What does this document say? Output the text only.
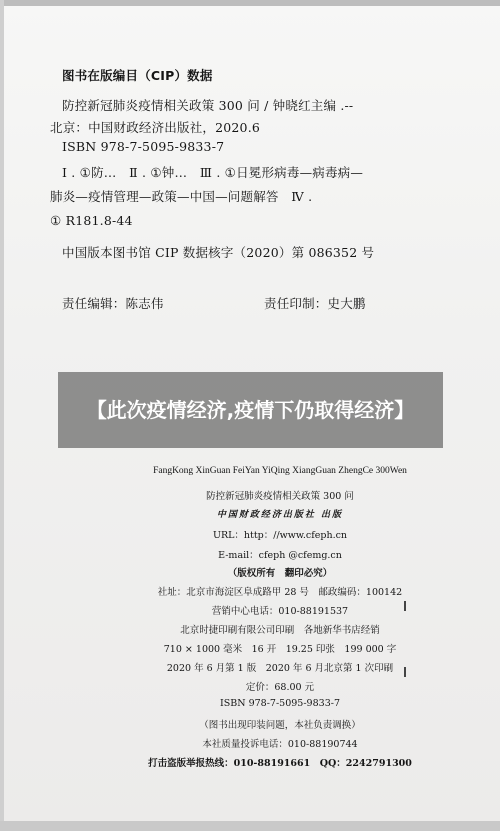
图书在版编目（CIP）数据
防控新冠肺炎疫情相关政策 300 问 / 钟晓红主编 .--
北京：中国财政经济出版社，2020.6
ISBN 978-7-5095-9833-7
Ⅰ . ①防…　Ⅱ . ①钟…　Ⅲ . ①日冕形病毒—病毒病—
肺炎—疫情管理—政策—中国—问题解答　Ⅳ .
① R181.8-44
中国版本图书馆 CIP 数据核字（2020）第 086352 号
责任编辑：陈志伟	责任印制：史大鹏
【此次疫情经济,疫情下仍取得经济】
FangKong XinGuan FeiYan YiQing XiangGuan ZhengCe 300Wen
防控新冠肺炎疫情相关政策 300 问
中国财政经济出版社 出版
URL：http：//www.cfeph.cn
E-mail：cfeph @cfemg.cn
（版权所有　翻印必究）
社址：北京市海淀区阜成路甲 28 号　邮政编码：100142
营销中心电话：010-88191537
北京时捷印刷有限公司印刷　各地新华书店经销
710 × 1000 毫米　16 开　19.25 印张　199 000 字
2020 年 6 月第 1 版　2020 年 6 月北京第 1 次印刷
定价：68.00 元
ISBN 978-7-5095-9833-7
（图书出现印装问题，本社负责调换）
本社质量投诉电话：010-88190744
打击盗版举报热线：010-88191661　QQ：2242791300
